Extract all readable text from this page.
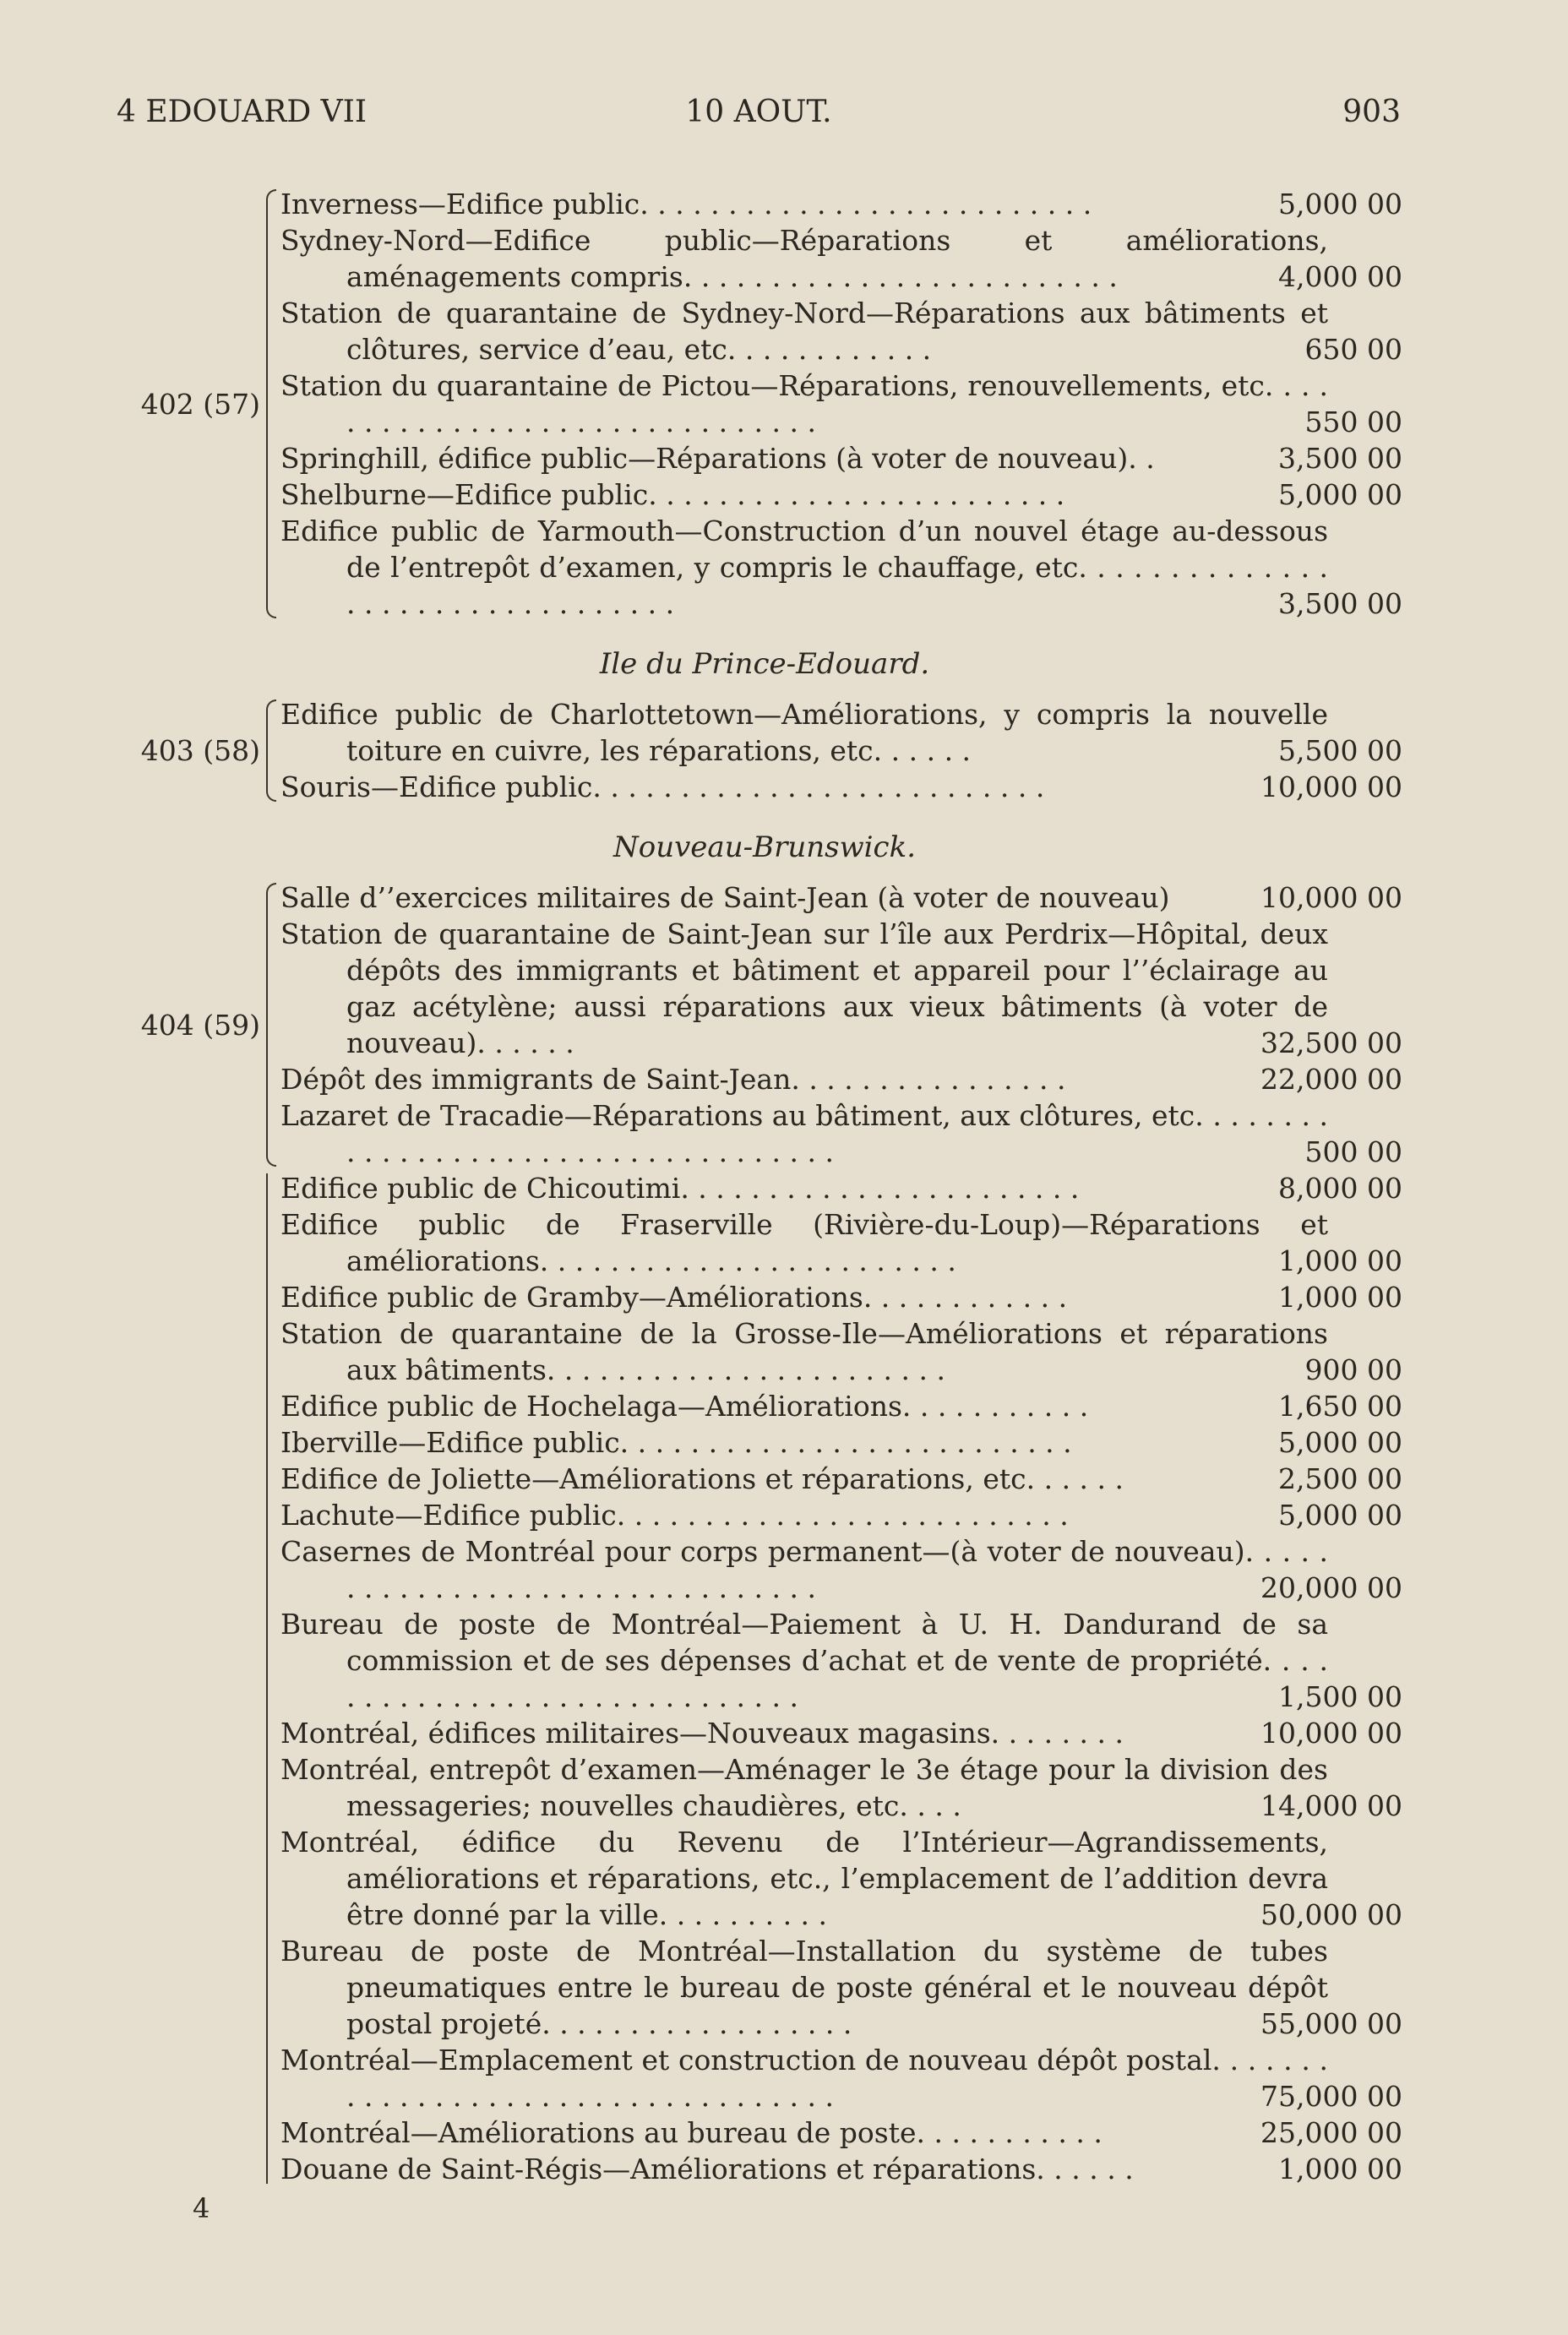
4 EDOUARD VII	10 AOUT.	903
Inverness—Edifice public. . . . . . . . . . . . . . . . . . . . . . . . . .	5,000 00
Sydney-Nord—Edifice public—Réparations et améliorations, aménagements compris. . . . . . . . . . . . . . . . . . . . . . . . .	4,000 00
Station de quarantaine de Sydney-Nord—Réparations aux bâtiments et clôtures, service d’eau, etc. . . . . . . . . . . .	650 00
Station du quarantaine de Pictou—Réparations, renouvellements, etc. . . . . . . . . . . . . . . . . . . . . . . . . . . . . . .	550 00
Springhill, édifice public—Réparations (à voter de nouveau). .	3,500 00
Shelburne—Edifice public. . . . . . . . . . . . . . . . . . . . . . . .	5,000 00
Edifice public de Yarmouth—Construction d’un nouvel étage au-dessous de l’entrepôt d’examen, y compris le chauffage, etc. . . . . . . . . . . . . . . . . . . . . . . . . . . . . . . . .	3,500 00
402 (57)
Ile du Prince-Edouard.
Edifice public de Charlottetown—Améliorations, y compris la nouvelle toiture en cuivre, les réparations, etc. . . . . .	5,500 00
Souris—Edifice public. . . . . . . . . . . . . . . . . . . . . . . . . .	10,000 00
403 (58)
Nouveau-Brunswick.
Salle d’’exercices militaires de Saint-Jean (à voter de nouveau)	10,000 00
Station de quarantaine de Saint-Jean sur l’île aux Perdrix—Hôpital, deux dépôts des immigrants et bâtiment et appareil pour l’’éclairage au gaz acétylène; aussi réparations aux vieux bâtiments (à voter de nouveau). . . . . .	32,500 00
Dépôt des immigrants de Saint-Jean. . . . . . . . . . . . . . . .	22,000 00
Lazaret de Tracadie—Réparations au bâtiment, aux clôtures, etc. . . . . . . . . . . . . . . . . . . . . . . . . . . . . . . . . . . .	500 00
404 (59)
Edifice public de Chicoutimi. . . . . . . . . . . . . . . . . . . . . . .	8,000 00
Edifice public de Fraserville (Rivière-du-Loup)—Réparations et améliorations. . . . . . . . . . . . . . . . . . . . . . . .	1,000 00
Edifice public de Gramby—Améliorations. . . . . . . . . . . .	1,000 00
Station de quarantaine de la Grosse-Ile—Améliorations et réparations aux bâtiments. . . . . . . . . . . . . . . . . . . . . . .	900 00
Edifice public de Hochelaga—Améliorations. . . . . . . . . . .	1,650 00
Iberville—Edifice public. . . . . . . . . . . . . . . . . . . . . . . . . .	5,000 00
Edifice de Joliette—Améliorations et réparations, etc. . . . . .	2,500 00
Lachute—Edifice public. . . . . . . . . . . . . . . . . . . . . . . . . .	5,000 00
Casernes de Montréal pour corps permanent—(à voter de nouveau). . . . . . . . . . . . . . . . . . . . . . . . . . . . . . . .	20,000 00
Bureau de poste de Montréal—Paiement à U. H. Dandurand de sa commission et de ses dépenses d’achat et de vente de propriété. . . . . . . . . . . . . . . . . . . . . . . . . . . . . .	1,500 00
Montréal, édifices militaires—Nouveaux magasins. . . . . . . .	10,000 00
Montréal, entrepôt d’examen—Aménager le 3e étage pour la division des messageries; nouvelles chaudières, etc. . . .	14,000 00
Montréal, édifice du Revenu de l’Intérieur—Agrandissements, améliorations et réparations, etc., l’emplacement de l’addition devra être donné par la ville. . . . . . . . . .	50,000 00
Bureau de poste de Montréal—Installation du système de tubes pneumatiques entre le bureau de poste général et le nouveau dépôt postal projeté. . . . . . . . . . . . . . . . . .	55,000 00
Montréal—Emplacement et construction de nouveau dépôt postal. . . . . . . . . . . . . . . . . . . . . . . . . . . . . . . . . . .	75,000 00
Montréal—Améliorations au bureau de poste. . . . . . . . . . .	25,000 00
Douane de Saint-Régis—Améliorations et réparations. . . . . .	1,000 00
4
